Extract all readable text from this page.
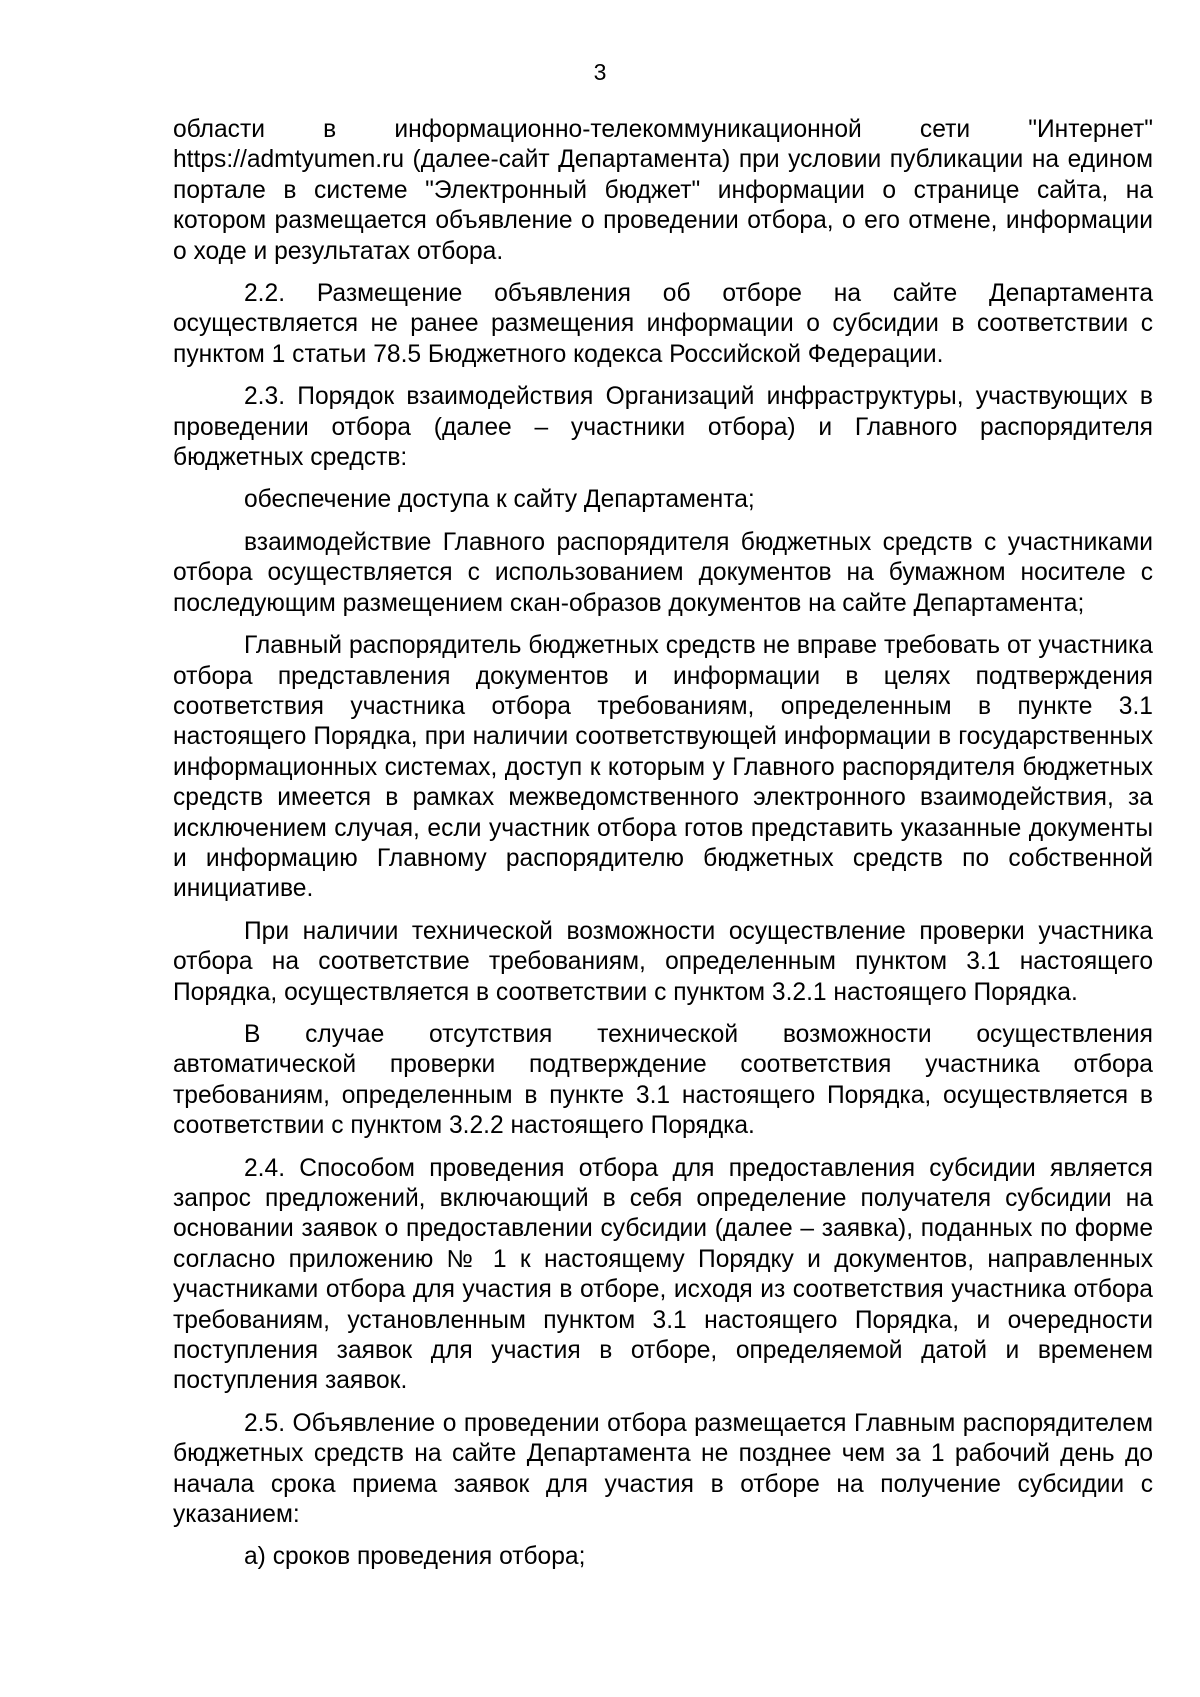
3

области в информационно-телекоммуникационной сети "Интернет" https://admtyumen.ru (далее-сайт Департамента) при условии публикации на едином портале в системе "Электронный бюджет" информации о странице сайта, на котором размещается объявление о проведении отбора, о его отмене, информации о ходе и результатах отбора.

2.2. Размещение объявления об отборе на сайте Департамента осуществляется не ранее размещения информации о субсидии в соответствии с пунктом 1 статьи 78.5 Бюджетного кодекса Российской Федерации.

2.3. Порядок взаимодействия Организаций инфраструктуры, участвующих в проведении отбора (далее – участники отбора) и Главного распорядителя бюджетных средств:

обеспечение доступа к сайту Департамента;

взаимодействие Главного распорядителя бюджетных средств с участниками отбора осуществляется с использованием документов на бумажном носителе с последующим размещением скан-образов документов на сайте Департамента;

Главный распорядитель бюджетных средств не вправе требовать от участника отбора представления документов и информации в целях подтверждения соответствия участника отбора требованиям, определенным в пункте 3.1 настоящего Порядка, при наличии соответствующей информации в государственных информационных системах, доступ к которым у Главного распорядителя бюджетных средств имеется в рамках межведомственного электронного взаимодействия, за исключением случая, если участник отбора готов представить указанные документы и информацию Главному распорядителю бюджетных средств по собственной инициативе.

При наличии технической возможности осуществление проверки участника отбора на соответствие требованиям, определенным пунктом 3.1 настоящего Порядка, осуществляется в соответствии с пунктом 3.2.1 настоящего Порядка.

В случае отсутствия технической возможности осуществления автоматической проверки подтверждение соответствия участника отбора требованиям, определенным в пункте 3.1 настоящего Порядка, осуществляется в соответствии с пунктом 3.2.2 настоящего Порядка.

2.4. Способом проведения отбора для предоставления субсидии является запрос предложений, включающий в себя определение получателя субсидии на основании заявок о предоставлении субсидии (далее – заявка), поданных по форме согласно приложению № 1 к настоящему Порядку и документов, направленных участниками отбора для участия в отборе, исходя из соответствия участника отбора требованиям, установленным пунктом 3.1 настоящего Порядка, и очередности поступления заявок для участия в отборе, определяемой датой и временем поступления заявок.

2.5. Объявление о проведении отбора размещается Главным распорядителем бюджетных средств на сайте Департамента не позднее чем за 1 рабочий день до начала срока приема заявок для участия в отборе на получение субсидии с указанием:

а) сроков проведения отбора;
